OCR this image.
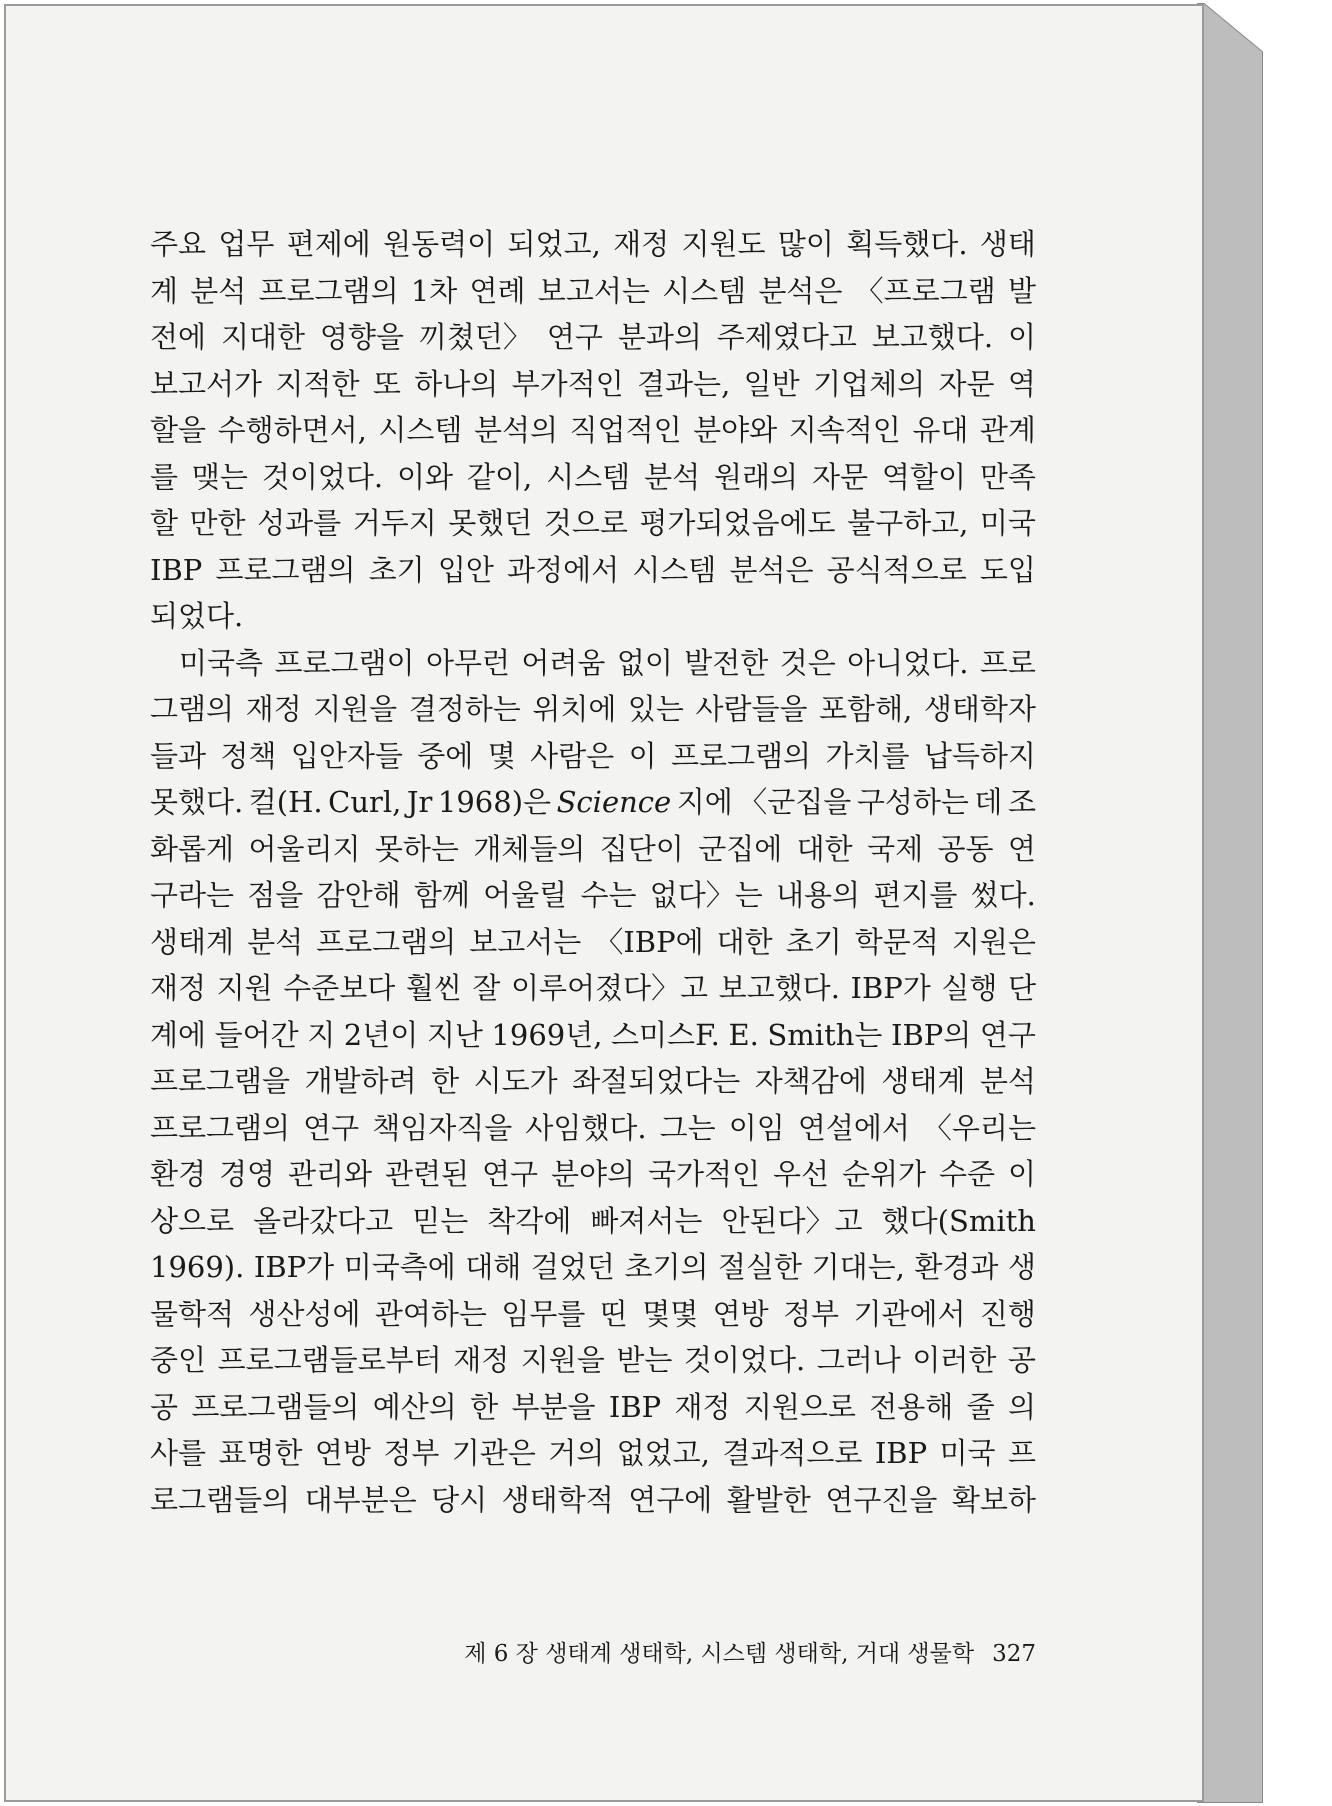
주요 업무 편제에 원동력이 되었고, 재정 지원도 많이 획득했다. 생태
계 분석 프로그램의 1차 연례 보고서는 시스템 분석은 〈프로그램 발
전에 지대한 영향을 끼쳤던〉 연구 분과의 주제였다고 보고했다. 이
보고서가 지적한 또 하나의 부가적인 결과는, 일반 기업체의 자문 역
할을 수행하면서, 시스템 분석의 직업적인 분야와 지속적인 유대 관계
를 맺는 것이었다. 이와 같이, 시스템 분석 원래의 자문 역할이 만족
할 만한 성과를 거두지 못했던 것으로 평가되었음에도 불구하고, 미국
IBP 프로그램의 초기 입안 과정에서 시스템 분석은 공식적으로 도입
되었다.
미국측 프로그램이 아무런 어려움 없이 발전한 것은 아니었다. 프로
그램의 재정 지원을 결정하는 위치에 있는 사람들을 포함해, 생태학자
들과 정책 입안자들 중에 몇 사람은 이 프로그램의 가치를 납득하지
못했다. 컬(H. Curl, Jr 1968)은 Science 지에 〈군집을 구성하는 데 조
화롭게 어울리지 못하는 개체들의 집단이 군집에 대한 국제 공동 연
구라는 점을 감안해 함께 어울릴 수는 없다〉는 내용의 편지를 썼다.
생태계 분석 프로그램의 보고서는 〈IBP에 대한 초기 학문적 지원은
재정 지원 수준보다 훨씬 잘 이루어졌다〉고 보고했다. IBP가 실행 단
계에 들어간 지 2년이 지난 1969년, 스미스F. E. Smith는 IBP의 연구
프로그램을 개발하려 한 시도가 좌절되었다는 자책감에 생태계 분석
프로그램의 연구 책임자직을 사임했다. 그는 이임 연설에서 〈우리는
환경 경영 관리와 관련된 연구 분야의 국가적인 우선 순위가 수준 이
상으로 올라갔다고 믿는 착각에 빠져서는 안된다〉고 했다(Smith
1969). IBP가 미국측에 대해 걸었던 초기의 절실한 기대는, 환경과 생
물학적 생산성에 관여하는 임무를 띤 몇몇 연방 정부 기관에서 진행
중인 프로그램들로부터 재정 지원을 받는 것이었다. 그러나 이러한 공
공 프로그램들의 예산의 한 부분을 IBP 재정 지원으로 전용해 줄 의
사를 표명한 연방 정부 기관은 거의 없었고, 결과적으로 IBP 미국 프
로그램들의 대부분은 당시 생태학적 연구에 활발한 연구진을 확보하
제 6 장 생태계 생태학, 시스템 생태학, 거대 생물학 327
